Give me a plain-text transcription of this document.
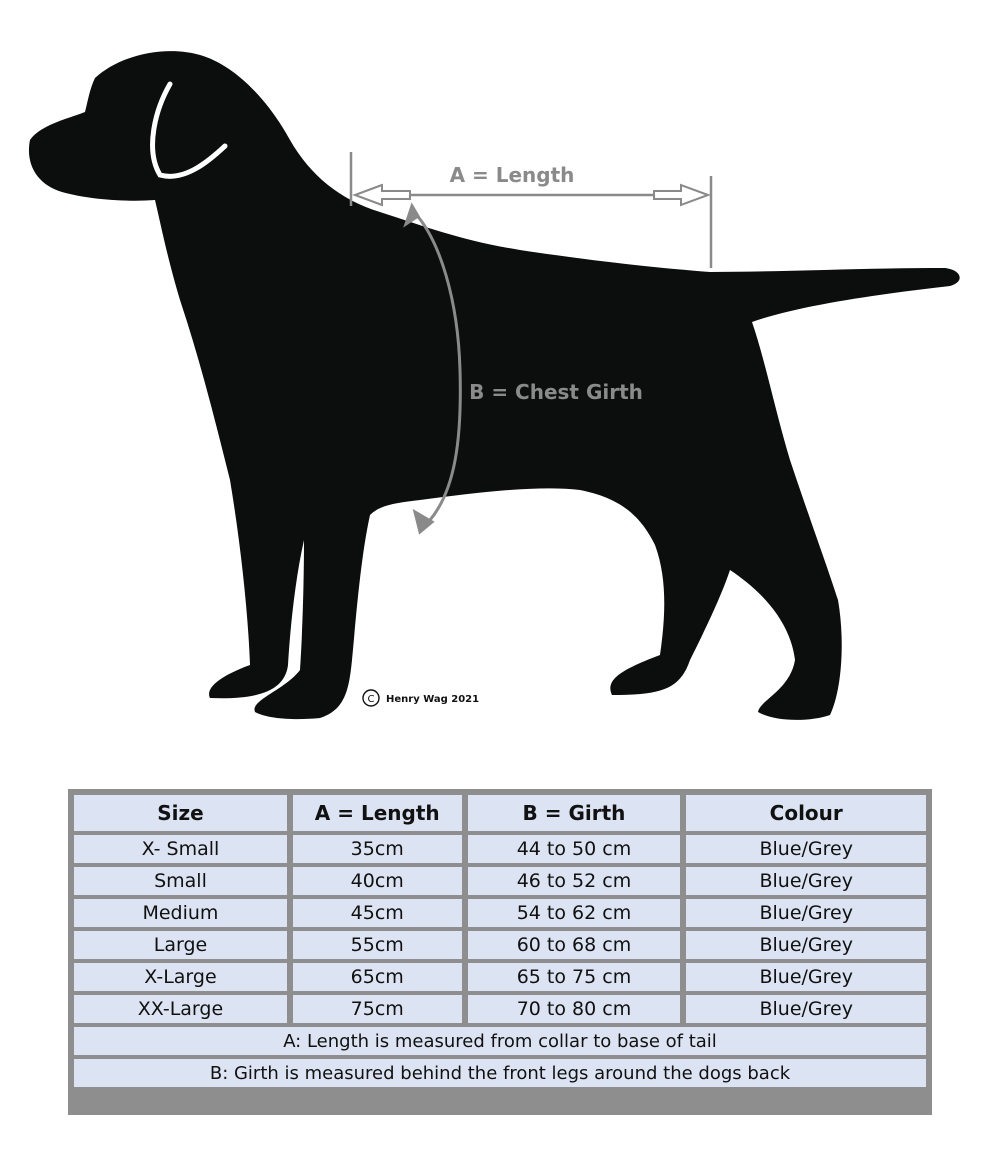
A = Length
B = Chest Girth
C Henry Wag 2021
Size	A = Length	B = Girth	Colour
X- Small	35cm	44 to 50 cm	Blue/Grey
Small	40cm	46 to 52 cm	Blue/Grey
Medium	45cm	54 to 62 cm	Blue/Grey
Large	55cm	60 to 68 cm	Blue/Grey
X-Large	65cm	65 to 75 cm	Blue/Grey
XX-Large	75cm	70 to 80 cm	Blue/Grey
A: Length is measured from collar to base of tail			
B: Girth is measured behind the front legs around the dogs back			
